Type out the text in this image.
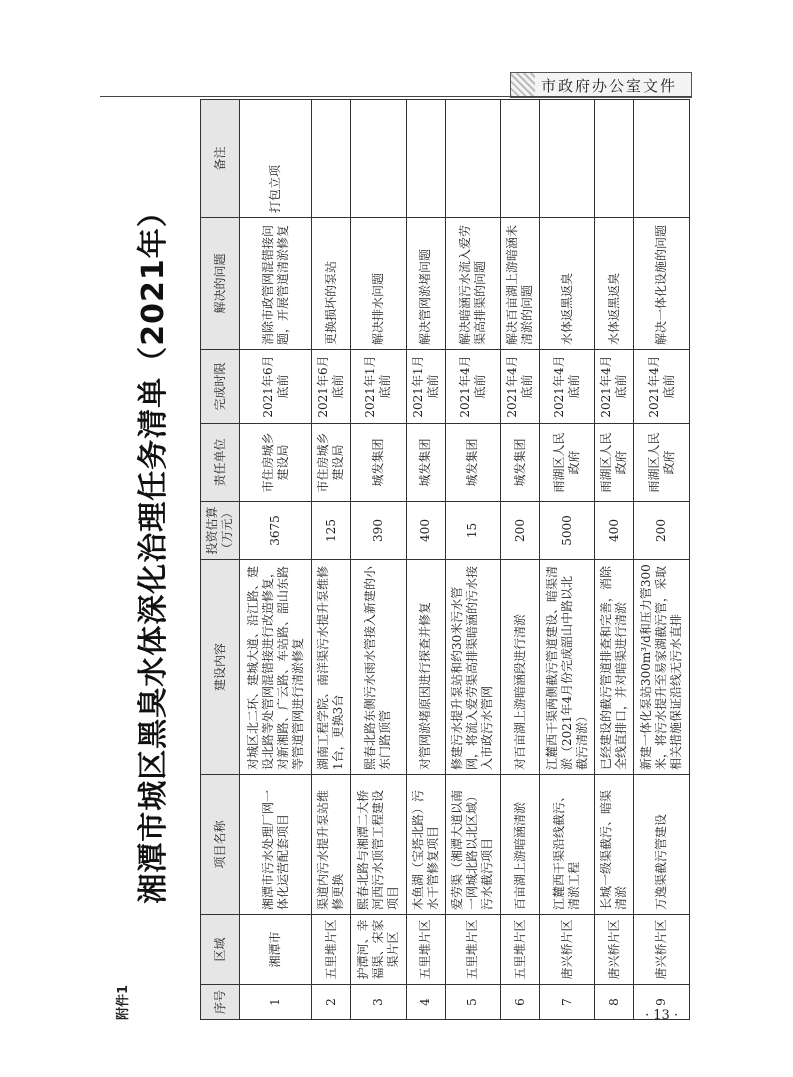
市政府办公室文件
附件1
湘潭市城区黑臭水体深化治理任务清单（2021年）
序号	区域	项目名称	建设内容	投资估算（万元）	责任单位	完成时限	解决的问题	备注
1	湘潭市	湘潭市污水处理厂网一体化运营配套项目	对城区北二环、建城大道、沿江路、建设北路等处管网混错接进行改造修复，对新湘路、广云路、车站路、韶山东路等管道管网进行清淤修复	3675	市住房城乡建设局	2021年6月底前	消除市政管网混错接问题，开展管道清淤修复	打包立项
2	五里堆片区	渠道内污水提升泵站维修更换	湖南工程学院、南洋渠污水提升泵维修1台，更换3台	125	市住房城乡建设局	2021年6月底前	更换损坏的泵站	
3	护潭河、幸福渠、宋家渠片区	熙春北路与湘潭二大桥河西污水顶管工程建设项目	熙春北路东侧污水雨水管接入新建的小东门路顶管	390	城发集团	2021年1月底前	解决排水问题	
4	五里堆片区	木鱼湖（宝塔北路）污水干管修复项目	对管网淤堵原因进行探查并修复	400	城发集团	2021年1月底前	解决管网淤堵问题	
5	五里堆片区	爱劳渠（湘潭大道以南一网城北路以北区域）污水截污项目	修建污水提升泵站和约30米污水管网，将流入爱劳渠高排渠暗涵的污水接入市政污水管网	15	城发集团	2021年4月底前	解决暗涵污水流入爱劳渠高排渠的问题	
6	五里堆片区	百亩湖上游暗涵清淤	对百亩湖上游暗涵段进行清淤	200	城发集团	2021年4月底前	解决百亩湖上游暗涵未清淤的问题	
7	唐兴桥片区	江麓西干渠沿线截污、清淤工程	江麓西干渠两侧截污管道建设、暗渠清淤（2021年4月份完成韶山中路以北截污清淤）	5000	雨湖区人民政府	2021年4月底前	水体返黑返臭	
8	唐兴桥片区	长城一级渠截污、暗渠清淤	已经建设的截污管道排查和完善，消除全线直排口，并对暗渠进行清淤	400	雨湖区人民政府	2021年4月底前	水体返黑返臭	
9	唐兴桥片区	万逸渠截污管建设	新建一体化泵站300m³/d和压力管300米，将污水提升至易家湖截污管，采取相关措施保证沿线无污水直排	200	雨湖区人民政府	2021年4月底前	解决一体化设施的问题	
· 13 ·
